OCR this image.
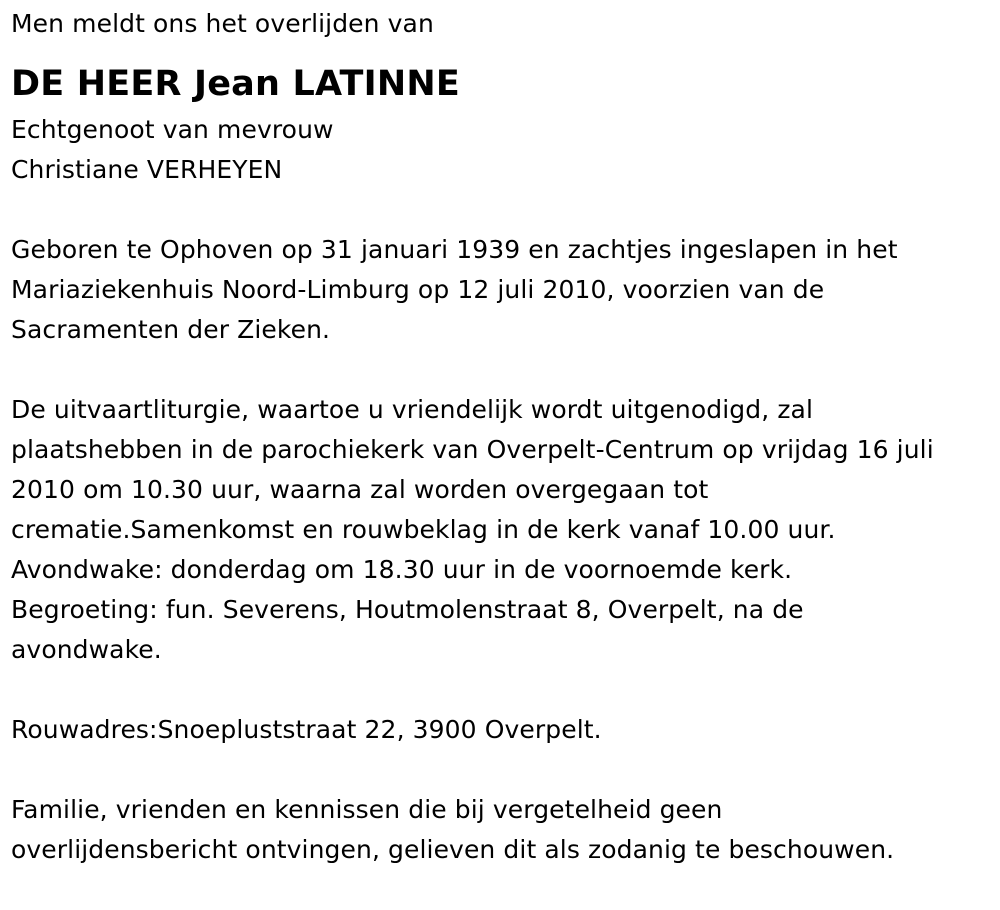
Men meldt ons het overlijden van
DE HEER Jean LATINNE
Echtgenoot van mevrouw
Christiane VERHEYEN
Geboren te Ophoven op 31 januari 1939 en zachtjes ingeslapen in het
Mariaziekenhuis Noord-Limburg op 12 juli 2010, voorzien van de
Sacramenten der Zieken.
De uitvaartliturgie, waartoe u vriendelijk wordt uitgenodigd, zal
plaatshebben in de parochiekerk van Overpelt-Centrum op vrijdag 16 juli
2010 om 10.30 uur, waarna zal worden overgegaan tot
crematie.Samenkomst en rouwbeklag in de kerk vanaf 10.00 uur.
Avondwake: donderdag om 18.30 uur in de voornoemde kerk.
Begroeting: fun. Severens, Houtmolenstraat 8, Overpelt, na de
avondwake.
Rouwadres:Snoepluststraat 22, 3900 Overpelt.
Familie, vrienden en kennissen die bij vergetelheid geen
overlijdensbericht ontvingen, gelieven dit als zodanig te beschouwen.
